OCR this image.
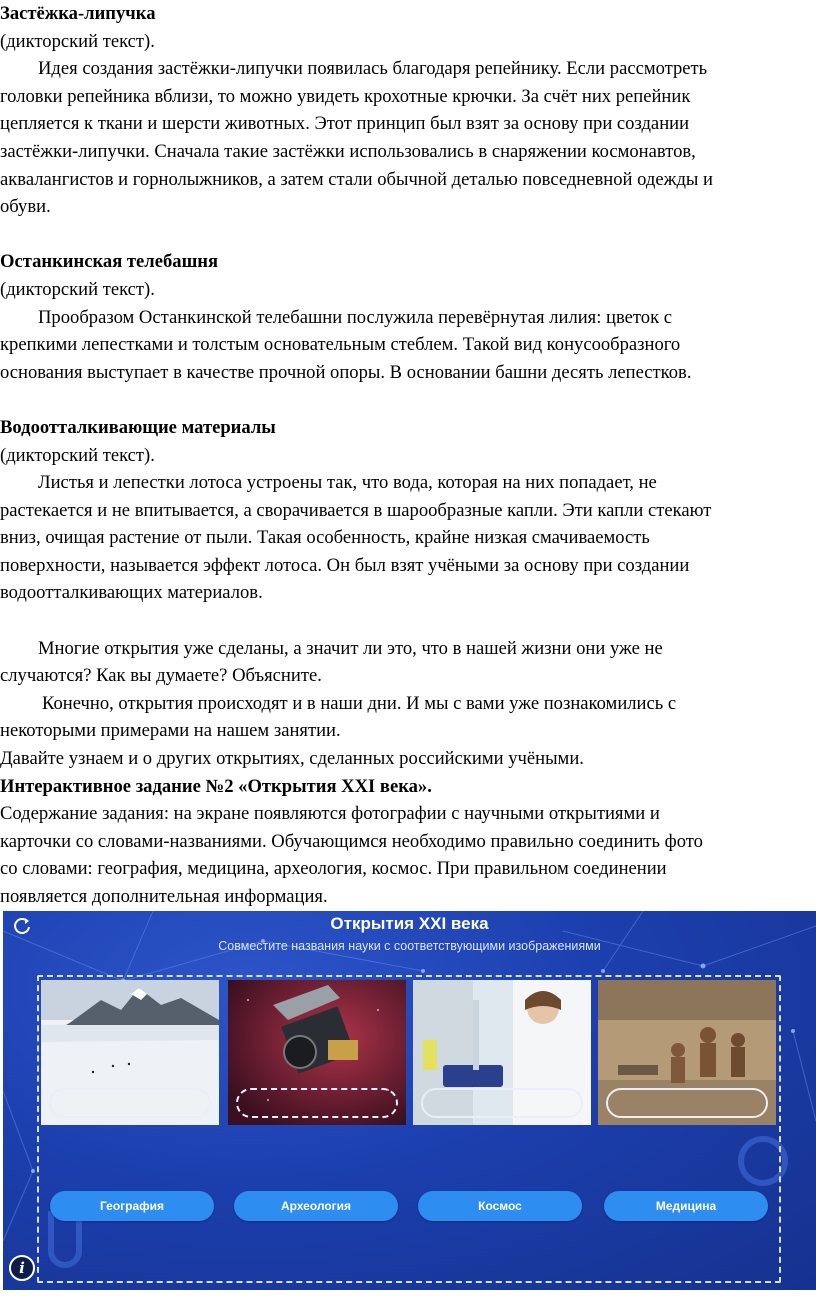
Застёжка-липучка

(дикторский текст).

Идея создания застёжки-липучки появилась благодаря репейнику. Если рассмотреть

головки репейника вблизи, то можно увидеть крохотные крючки. За счёт них репейник

цепляется к ткани и шерсти животных. Этот принцип был взят за основу при создании

застёжки-липучки. Сначала такие застёжки использовались в снаряжении космонавтов,

аквалангистов и горнолыжников, а затем стали обычной деталью повседневной одежды и

обуви.

Останкинская телебашня

(дикторский текст).

Прообразом Останкинской телебашни послужила перевёрнутая лилия: цветок с

крепкими лепестками и толстым основательным стеблем. Такой вид конусообразного

основания выступает в качестве прочной опоры. В основании башни десять лепестков.

Водоотталкивающие материалы

(дикторский текст).

Листья и лепестки лотоса устроены так, что вода, которая на них попадает, не

растекается и не впитывается, а сворачивается в шарообразные капли. Эти капли стекают

вниз, очищая растение от пыли. Такая особенность, крайне низкая смачиваемость

поверхности, называется эффект лотоса. Он был взят учёными за основу при создании

водоотталкивающих материалов.

Многие открытия уже сделаны, а значит ли это, что в нашей жизни они уже не

случаются? Как вы думаете? Объясните.

Конечно, открытия происходят и в наши дни. И мы с вами уже познакомились с

некоторыми примерами на нашем занятии.

Давайте узнаем и о других открытиях, сделанных российскими учёными.

Интерактивное задание №2 «Открытия XXI века».

Содержание задания: на экране появляются фотографии с научными открытиями и

карточки со словами-названиями. Обучающимся необходимо правильно соединить фото

со словами: география, медицина, археология, космос. При правильном соединении

появляется дополнительная информация.

Открытия XXI века
Совместите названия науки с соответствующими изображениями
География	Археология	Космос	Медицина
i
